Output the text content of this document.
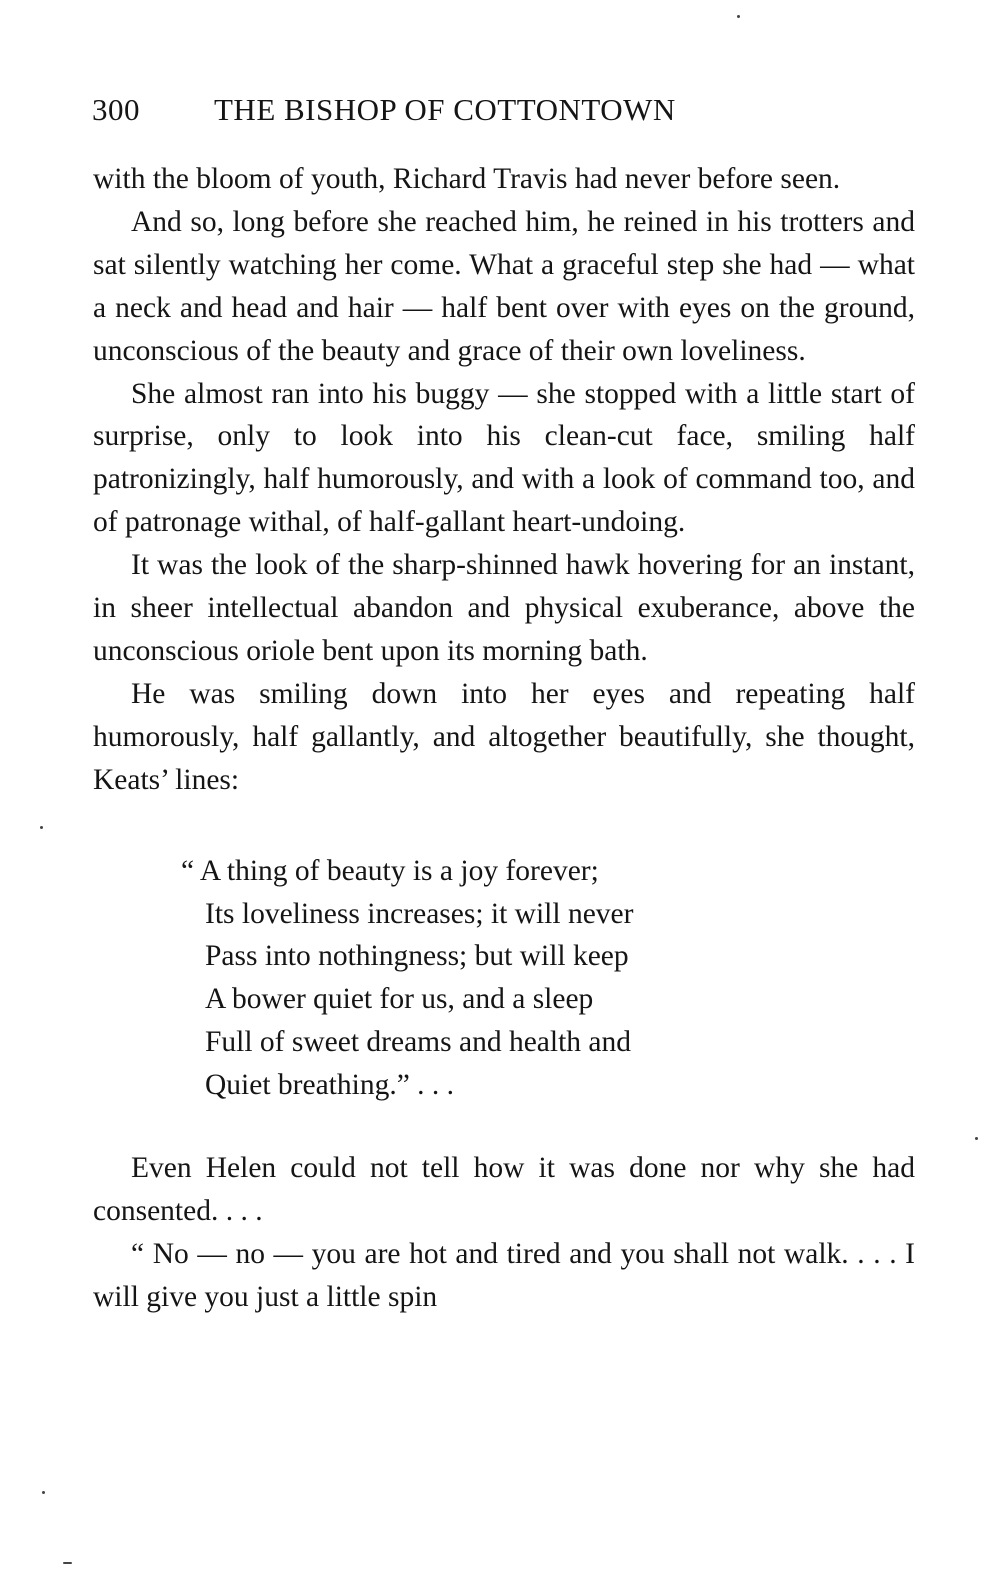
300 THE BISHOP OF COTTONTOWN

with the bloom of youth, Richard Travis had never before seen.

And so, long before she reached him, he reined in his trotters and sat silently watching her come. What a graceful step she had — what a neck and head and hair — half bent over with eyes on the ground, unconscious of the beauty and grace of their own loveliness.

She almost ran into his buggy — she stopped with a little start of surprise, only to look into his clean-cut face, smiling half patronizingly, half humorously, and with a look of command too, and of patronage withal, of half-gallant heart-undoing.

It was the look of the sharp-shinned hawk hovering for an instant, in sheer intellectual abandon and physical exuberance, above the unconscious oriole bent upon its morning bath.

He was smiling down into her eyes and repeating half humorously, half gallantly, and altogether beautifully, she thought, Keats’ lines:

“ A thing of beauty is a joy forever;
Its loveliness increases; it will never
Pass into nothingness; but will keep
A bower quiet for us, and a sleep
Full of sweet dreams and health and
Quiet breathing.” . . .

Even Helen could not tell how it was done nor why she had consented. . . .

“ No — no — you are hot and tired and you shall not walk. . . . I will give you just a little spin
